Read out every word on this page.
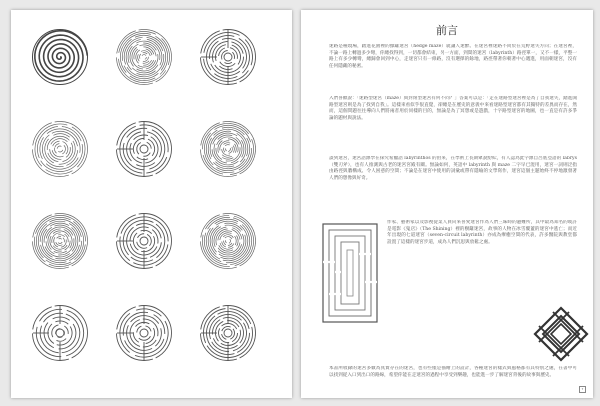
前言

迷路是種現場，踏進花園裡的綠籬迷宮（hedge maze）就讓人迷醉。在迷宮裡迷路不同於在荒野迷失方向；在迷宮裡，不論一路上轉過多少彎，你總找得到，一切都會結束，另一方面，到間的迷宮（labyrinth）路徑單一，又不一樣，平整一路上有多少轉彎，總歸會回到中心，走迷宮只有一條路，沒有選擇的餘地，路徑帶著你朝著中心邁進，用面朝迷宮，沒有任何隱藏的秘密。

入們喜歡說：「迷路型迷宮（maze）與封閉型迷宮有何不同？」答案可以是：「走在迷路型迷宮裡是為了自我迷失，踏進開路型迷宮則是為了找到自我」。這樣來看似乎很直覺，卻總是在歷史的意義中來看迷路型迷宮都有其獨特的差異而存在，然而，這個問題往往導向人們將兩者用於同樣的目的，無論是為了冥想或是遊戲，十字路型迷宮的地圖，也一直是有許多爭論的題材與說法。

談到迷宮，迷宮語源學在探究希臘語 labyrinthos 的由來，在學術上長期眾說紛紜，有人認為此字源自呂底亞語的 labrys（雙刃斧），也有人推測與古老的迷宮宮殿有關。無論如何，英語中 labyrinth 與 maze 二字早已混用，迷宮一詞則泛指由路徑與牆構成、令人困惑的空間；不論是在迷宮中使用的詞彙或帶有隱喻的文學寫作，迷宮這個主題始終不停地激發著人們的想像與好奇。

作家、藝術家以及影視從業人員向來喜愛迷宮作為人們三昧時的避難所，其中最為知名的或許是電影《鬼店》（The Shining）裡的樹籬迷宮，故事的人物在冰雪覆蓋的迷宮中逃亡；而近年出現的七道迷宮（seven-circuit labyrinth）亦成為療癒空間的代表，許多醫院與教堂都設置了這樣的迷宮步道，成為人們沉思與放鬆之處。

本書所收錄的迷宮多數為真實存在的迷宮，也有些僅是描繪上的設計，各種迷宮的樣式與風格都有其特別之處，在書中可以找到從入口到出口的路線，希望你能在走迷宮的過程中享受到樂趣，也能進一步了解迷宮背後的故事與歷史。

7
